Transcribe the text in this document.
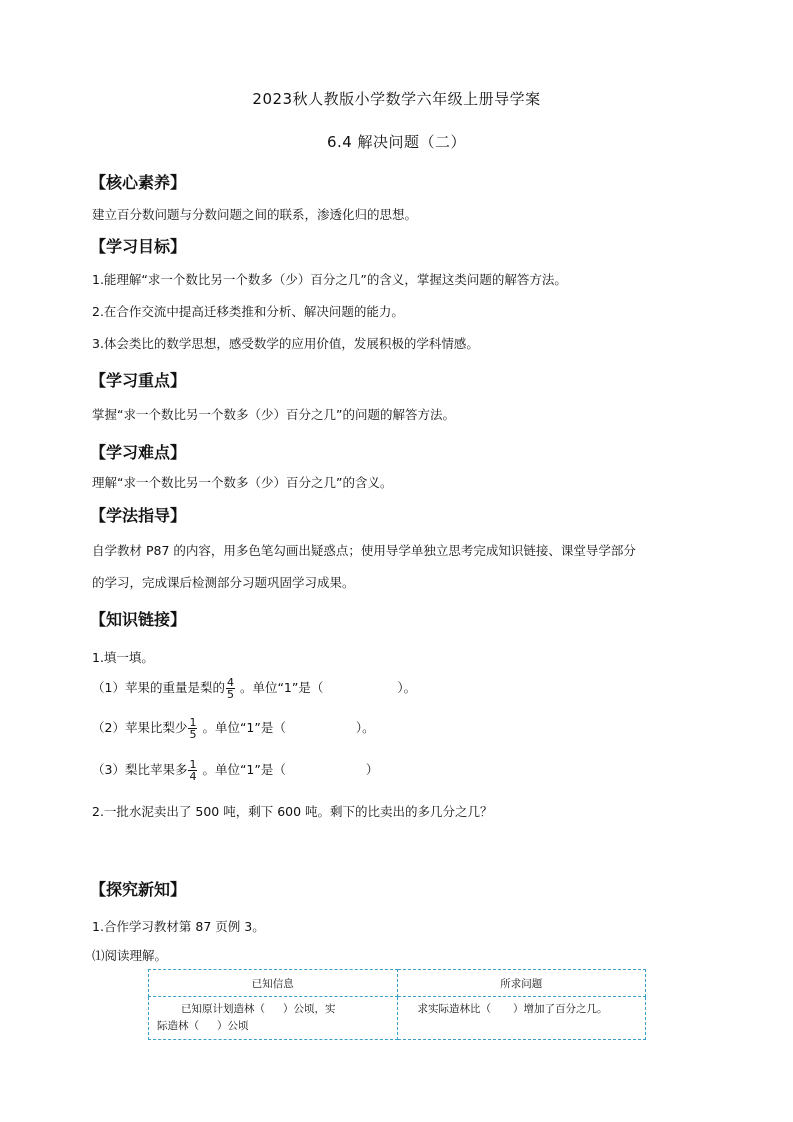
2023秋人教版小学数学六年级上册导学案
6.4 解决问题（二）
【核心素养】
建立百分数问题与分数问题之间的联系，渗透化归的思想。
【学习目标】
1.能理解“求一个数比另一个数多（少）百分之几”的含义，掌握这类问题的解答方法。
2.在合作交流中提高迁移类推和分析、解决问题的能力。
3.体会类比的数学思想，感受数学的应用价值，发展积极的学科情感。
【学习重点】
掌握“求一个数比另一个数多（少）百分之几”的问题的解答方法。
【学习难点】
理解“求一个数比另一个数多（少）百分之几”的含义。
【学法指导】
自学教材 P87 的内容，用多色笔勾画出疑惑点；使用导学单独立思考完成知识链接、课堂导学部分
的学习，完成课后检测部分习题巩固学习成果。
【知识链接】
1.填一填。
（1）苹果的重量是梨的 $\frac{4}{5}$ 。单位“1”是（	）。
（2）苹果比梨少 $\frac{1}{5}$ 。单位“1”是（	）。
（3）梨比苹果多 $\frac{1}{4}$ 。单位“1”是（	）
2.一批水泥卖出了 500 吨，剩下 600 吨。剩下的比卖出的多几分之几？
【探究新知】
1.合作学习教材第 87 页例 3。
⑴阅读理解。
已知信息	所求问题
已知原计划造林（ ）公顷，实
际造林（ ）公顷	求实际造林比（ ）增加了百分之几。
